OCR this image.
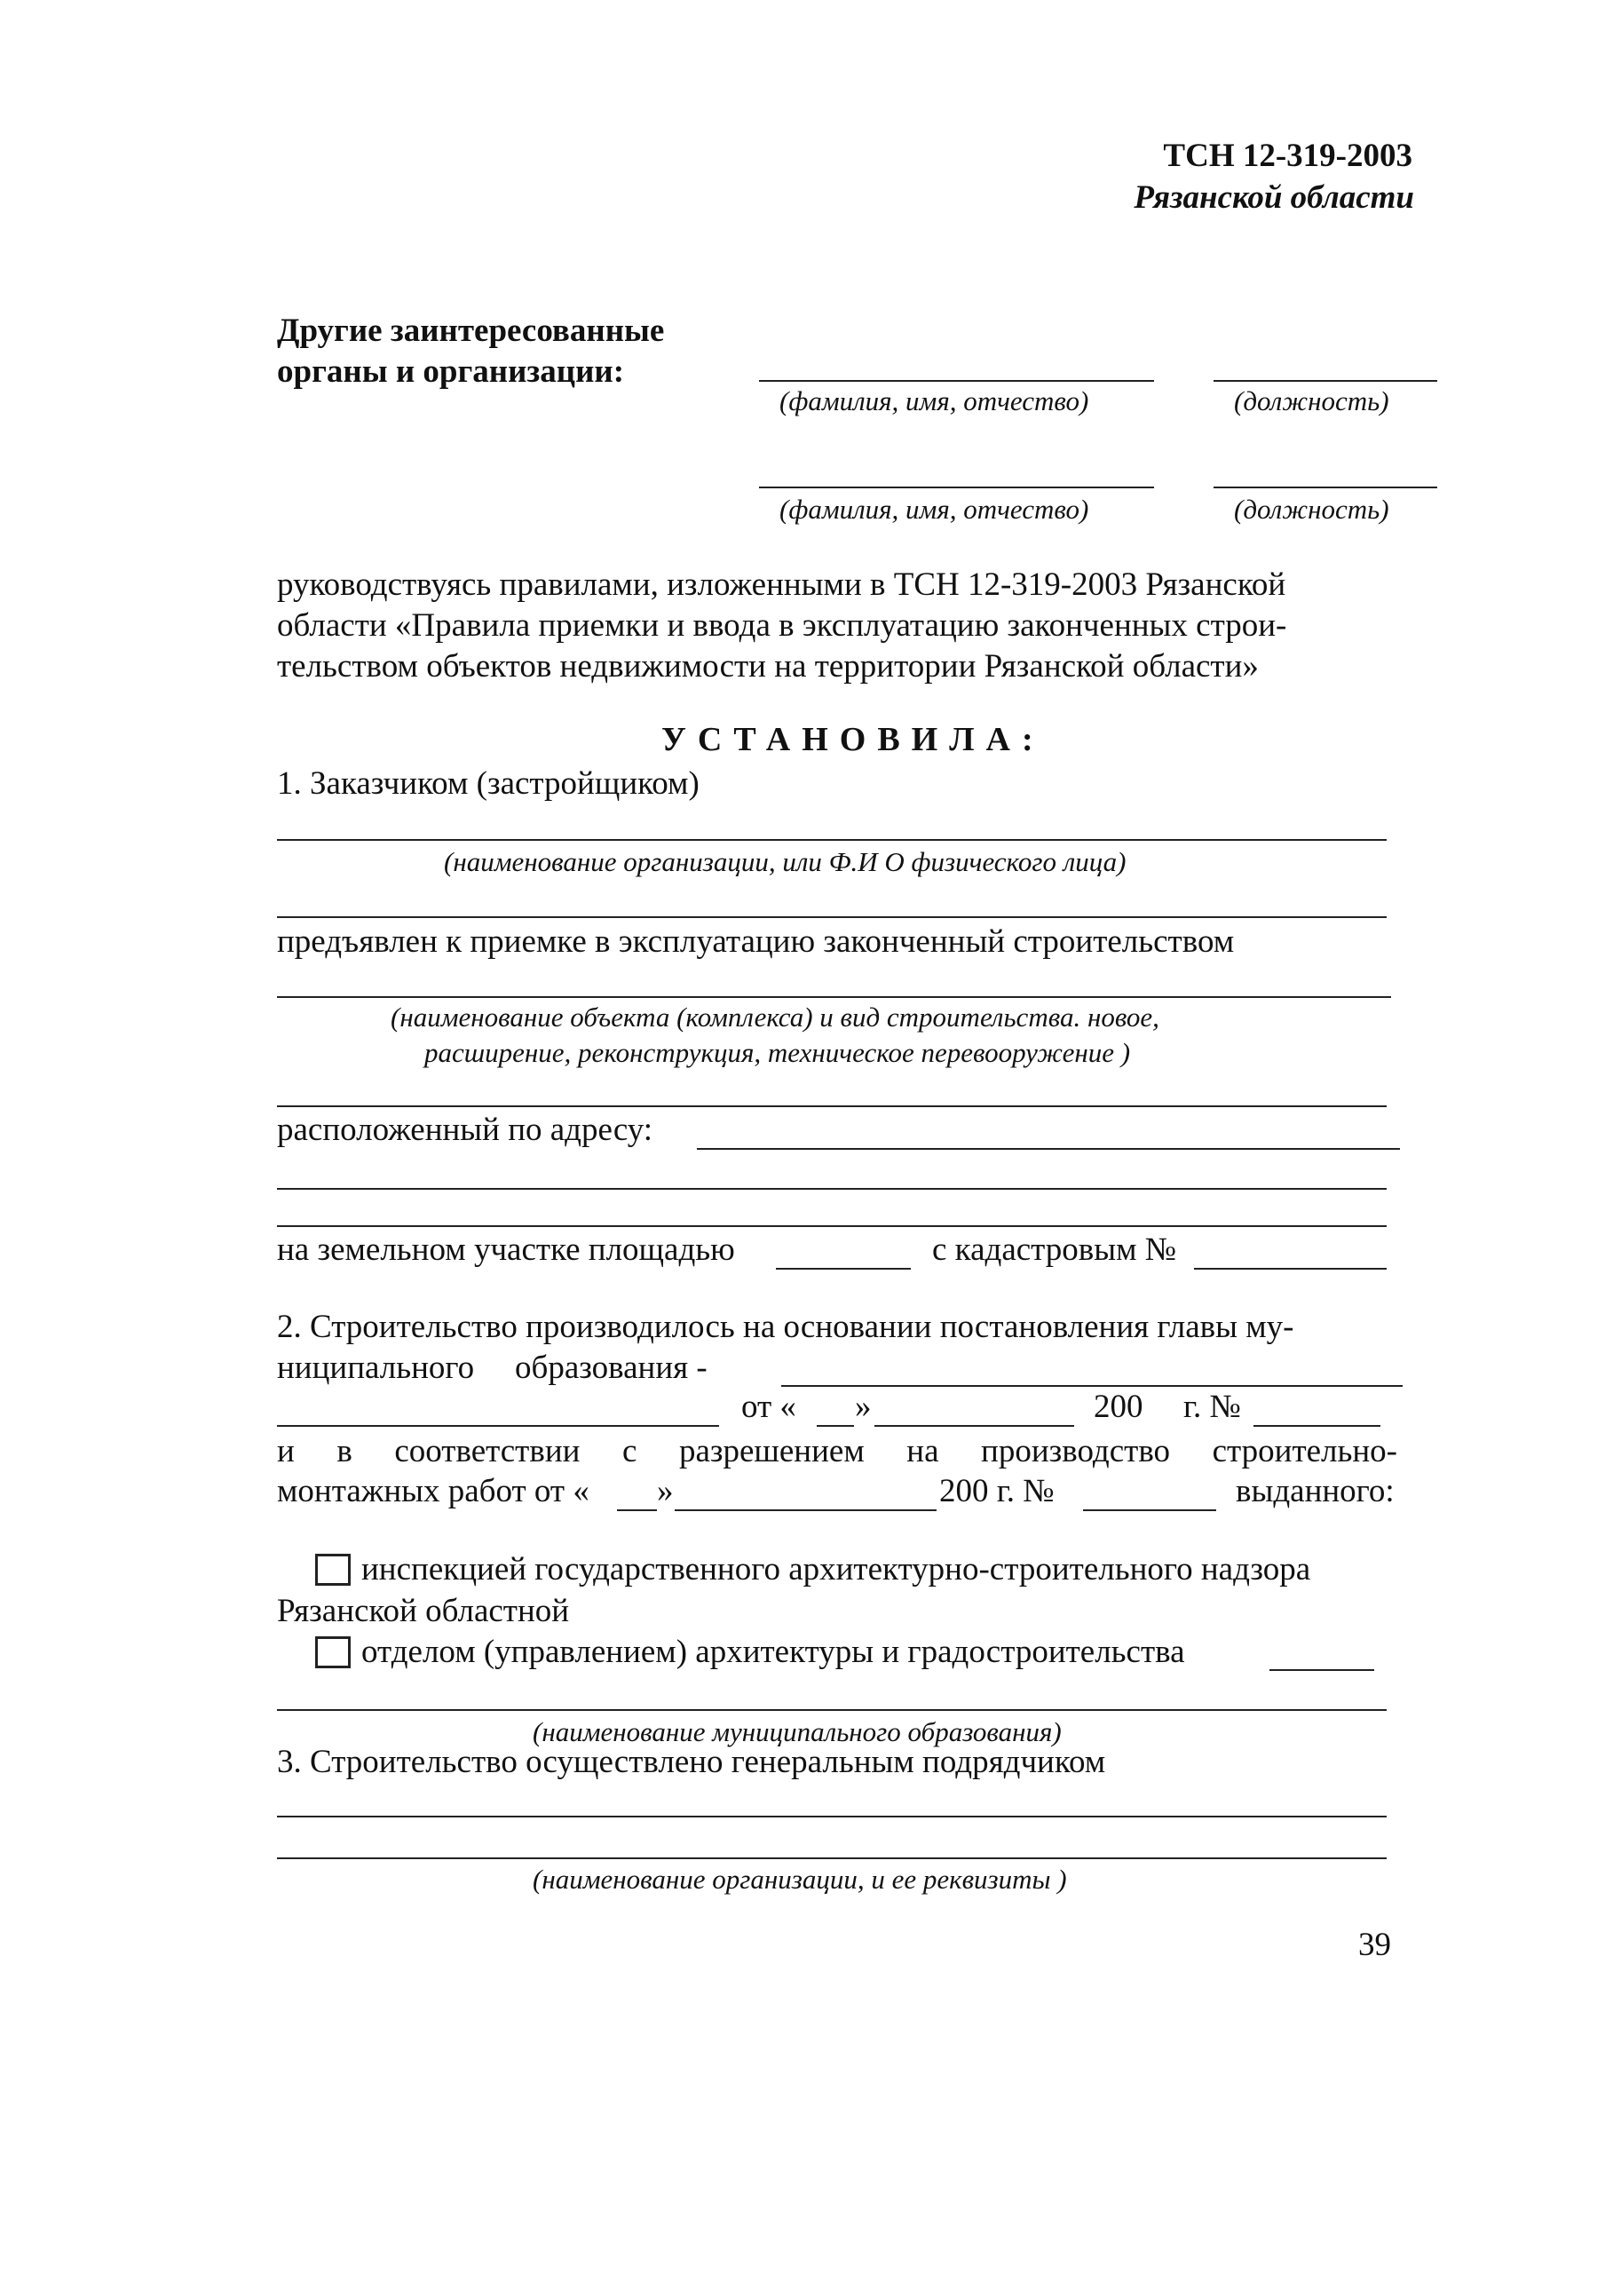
ТСН 12-319-2003
Рязанской области
Другие заинтересованные
органы и организации:
(фамилия, имя, отчество)	(должность)
(фамилия, имя, отчество)	(должность)
руководствуясь правилами, изложенными в ТСН 12-319-2003 Рязанской
области «Правила приемки и ввода в эксплуатацию законченных строи-
тельством объектов недвижимости на территории Рязанской области»
УСТАНОВИЛА:
1. Заказчиком (застройщиком)
(наименование организации, или Ф.И О физического лица)
предъявлен к приемке в эксплуатацию законченный строительством
(наименование объекта (комплекса) и вид строительства. новое,
расширение, реконструкция, техническое перевооружение )
расположенный по адресу:
на земельном участке площадью	с кадастровым №
2. Строительство производилось на основании постановления главы му-
ниципального образования -
от « »	200 г. №
и в соответствии с разрешением на производство строительно-
монтажных работ от « »	200 г. №	выданного:
инспекцией государственного архитектурно-строительного надзора
Рязанской областной
отделом (управлением) архитектуры и градостроительства
(наименование муниципального образования)
3. Строительство осуществлено генеральным подрядчиком
(наименование организации, и ее реквизиты )
39
